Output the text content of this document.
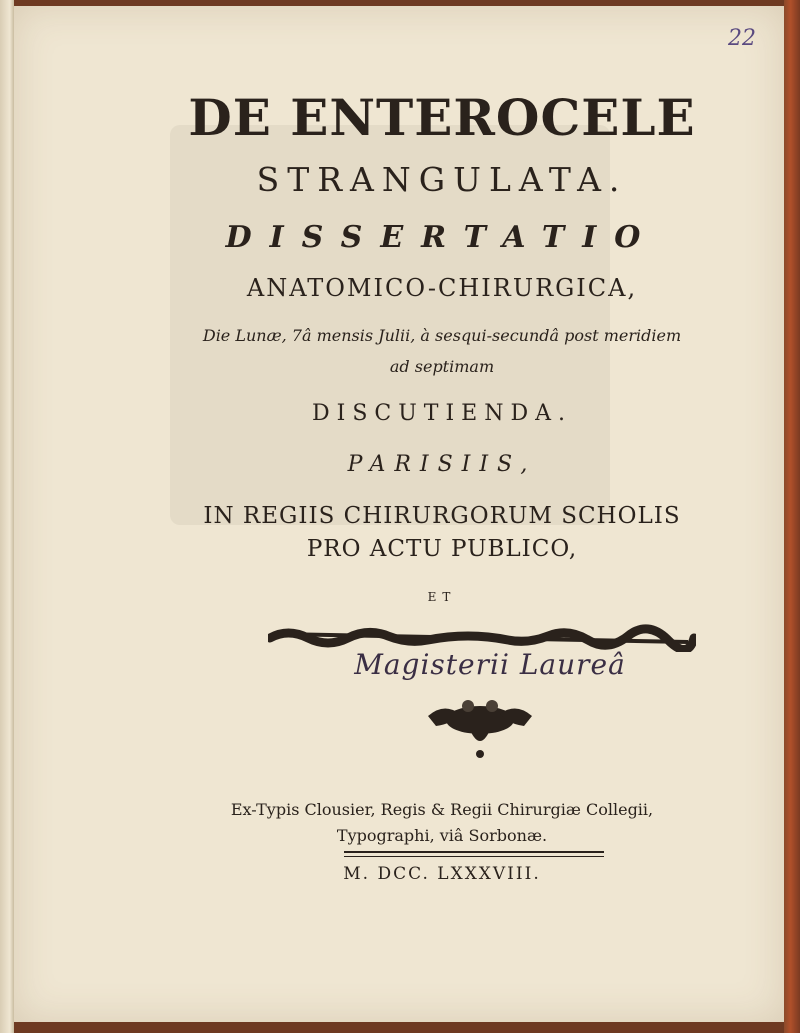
22
DE ENTEROCELE
STRANGULATA.
DISSERTATIO
ANATOMICO-CHIRURGICA,
Die Lunæ, 7â mensis Julii, à sesqui-secundâ post meridiem
ad septimam
DISCUTIENDA.
PARISIIS,
IN REGIIS CHIRURGORUM SCHOLIS
PRO ACTU PUBLICO,
ET
Magisterii Laureâ
Ex-Typis Clousier, Regis & Regii Chirurgiæ Collegii,
Typographi, viâ Sorbonæ.
M. DCC. LXXXVIII.
